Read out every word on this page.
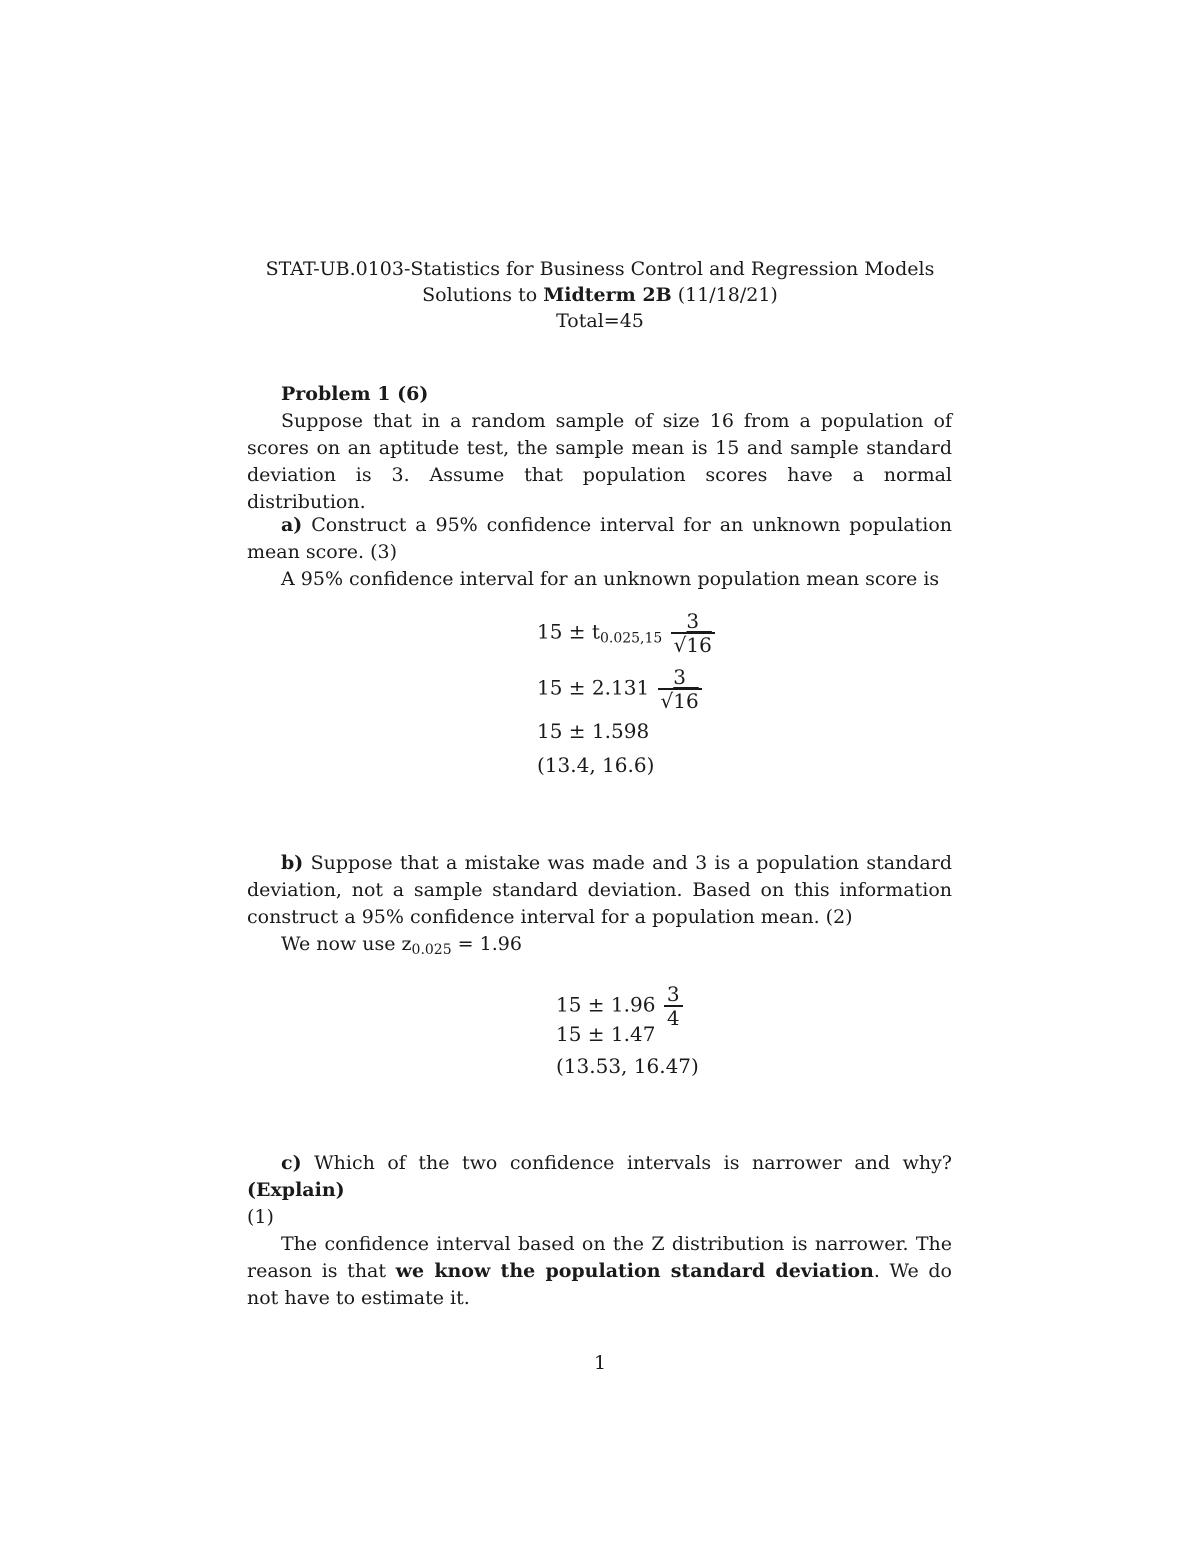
STAT-UB.0103-Statistics for Business Control and Regression Models
Solutions to Midterm 2B (11/18/21)
Total=45
Problem 1 (6)
Suppose that in a random sample of size 16 from a population of scores on an aptitude test, the sample mean is 15 and sample standard deviation is 3. Assume that population scores have a normal distribution.
a) Construct a 95% confidence interval for an unknown population mean score. (3)
A 95% confidence interval for an unknown population mean score is
$15 \pm t_{0.025,15} \frac{3}{√16}$
$15 \pm 2.131 \frac{3}{√16}$
15 ± 1.598
(13.4, 16.6)
b) Suppose that a mistake was made and 3 is a population standard deviation, not a sample standard deviation. Based on this information construct a 95% confidence interval for a population mean. (2)
We now use $z_{0.025} = 1.96$
$15 \pm 1.96 \frac{3}{4}$
15 ± 1.47
(13.53, 16.47)
c) Which of the two confidence intervals is narrower and why? (Explain)
(1)
The confidence interval based on the Z distribution is narrower. The reason is that we know the population standard deviation. We do not have to estimate it.
1
